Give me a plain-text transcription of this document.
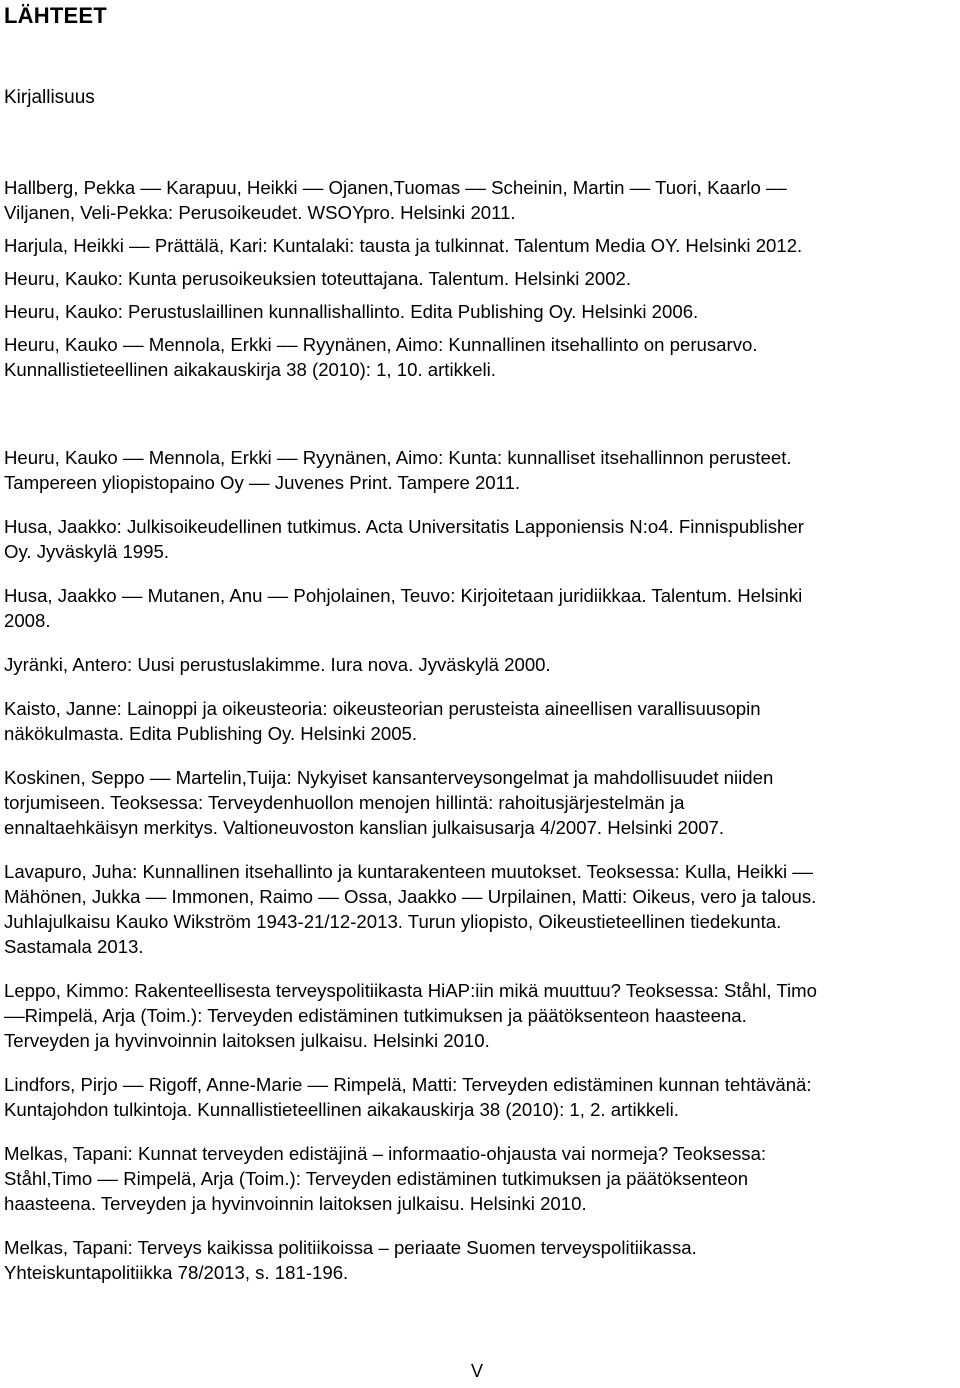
LÄHTEET
Kirjallisuus
Hallberg, Pekka –– Karapuu, Heikki –– Ojanen,Tuomas –– Scheinin, Martin –– Tuori, Kaarlo ––
Viljanen, Veli-Pekka: Perusoikeudet. WSOYpro. Helsinki 2011.
Harjula, Heikki –– Prättälä, Kari: Kuntalaki: tausta ja tulkinnat. Talentum Media OY. Helsinki 2012.
Heuru, Kauko: Kunta perusoikeuksien toteuttajana. Talentum. Helsinki 2002.
Heuru, Kauko: Perustuslaillinen kunnallishallinto. Edita Publishing Oy. Helsinki 2006.
Heuru, Kauko –– Mennola, Erkki –– Ryynänen, Aimo: Kunnallinen itsehallinto on perusarvo.
Kunnallistieteellinen aikakauskirja 38 (2010): 1, 10. artikkeli.
Heuru, Kauko –– Mennola, Erkki –– Ryynänen, Aimo: Kunta: kunnalliset itsehallinnon perusteet.
Tampereen yliopistopaino Oy –– Juvenes Print. Tampere 2011.
Husa, Jaakko: Julkisoikeudellinen tutkimus. Acta Universitatis Lapponiensis N:o4. Finnispublisher
Oy. Jyväskylä 1995.
Husa, Jaakko –– Mutanen, Anu –– Pohjolainen, Teuvo: Kirjoitetaan juridiikkaa. Talentum. Helsinki
2008.
Jyränki, Antero: Uusi perustuslakimme. Iura nova. Jyväskylä 2000.
Kaisto, Janne: Lainoppi ja oikeusteoria: oikeusteorian perusteista aineellisen varallisuusopin
näkökulmasta. Edita Publishing Oy. Helsinki 2005.
Koskinen, Seppo –– Martelin,Tuija: Nykyiset kansanterveysongelmat ja mahdollisuudet niiden
torjumiseen. Teoksessa: Terveydenhuollon menojen hillintä: rahoitusjärjestelmän ja
ennaltaehkäisyn merkitys. Valtioneuvoston kanslian julkaisusarja 4/2007. Helsinki 2007.
Lavapuro, Juha: Kunnallinen itsehallinto ja kuntarakenteen muutokset. Teoksessa: Kulla, Heikki ––
Mähönen, Jukka –– Immonen, Raimo –– Ossa, Jaakko –– Urpilainen, Matti: Oikeus, vero ja talous.
Juhlajulkaisu Kauko Wikström 1943-21/12-2013. Turun yliopisto, Oikeustieteellinen tiedekunta.
Sastamala 2013.
Leppo, Kimmo: Rakenteellisesta terveyspolitiikasta HiAP:iin mikä muuttuu? Teoksessa: Ståhl, Timo
––Rimpelä, Arja (Toim.): Terveyden edistäminen tutkimuksen ja päätöksenteon haasteena.
Terveyden ja hyvinvoinnin laitoksen julkaisu. Helsinki 2010.
Lindfors, Pirjo –– Rigoff, Anne-Marie –– Rimpelä, Matti: Terveyden edistäminen kunnan tehtävänä:
Kuntajohdon tulkintoja. Kunnallistieteellinen aikakauskirja 38 (2010): 1, 2. artikkeli.
Melkas, Tapani: Kunnat terveyden edistäjinä – informaatio-ohjausta vai normeja? Teoksessa:
Ståhl,Timo –– Rimpelä, Arja (Toim.): Terveyden edistäminen tutkimuksen ja päätöksenteon
haasteena. Terveyden ja hyvinvoinnin laitoksen julkaisu. Helsinki 2010.
Melkas, Tapani: Terveys kaikissa politiikoissa – periaate Suomen terveyspolitiikassa.
Yhteiskuntapolitiikka 78/2013, s. 181-196.
V
